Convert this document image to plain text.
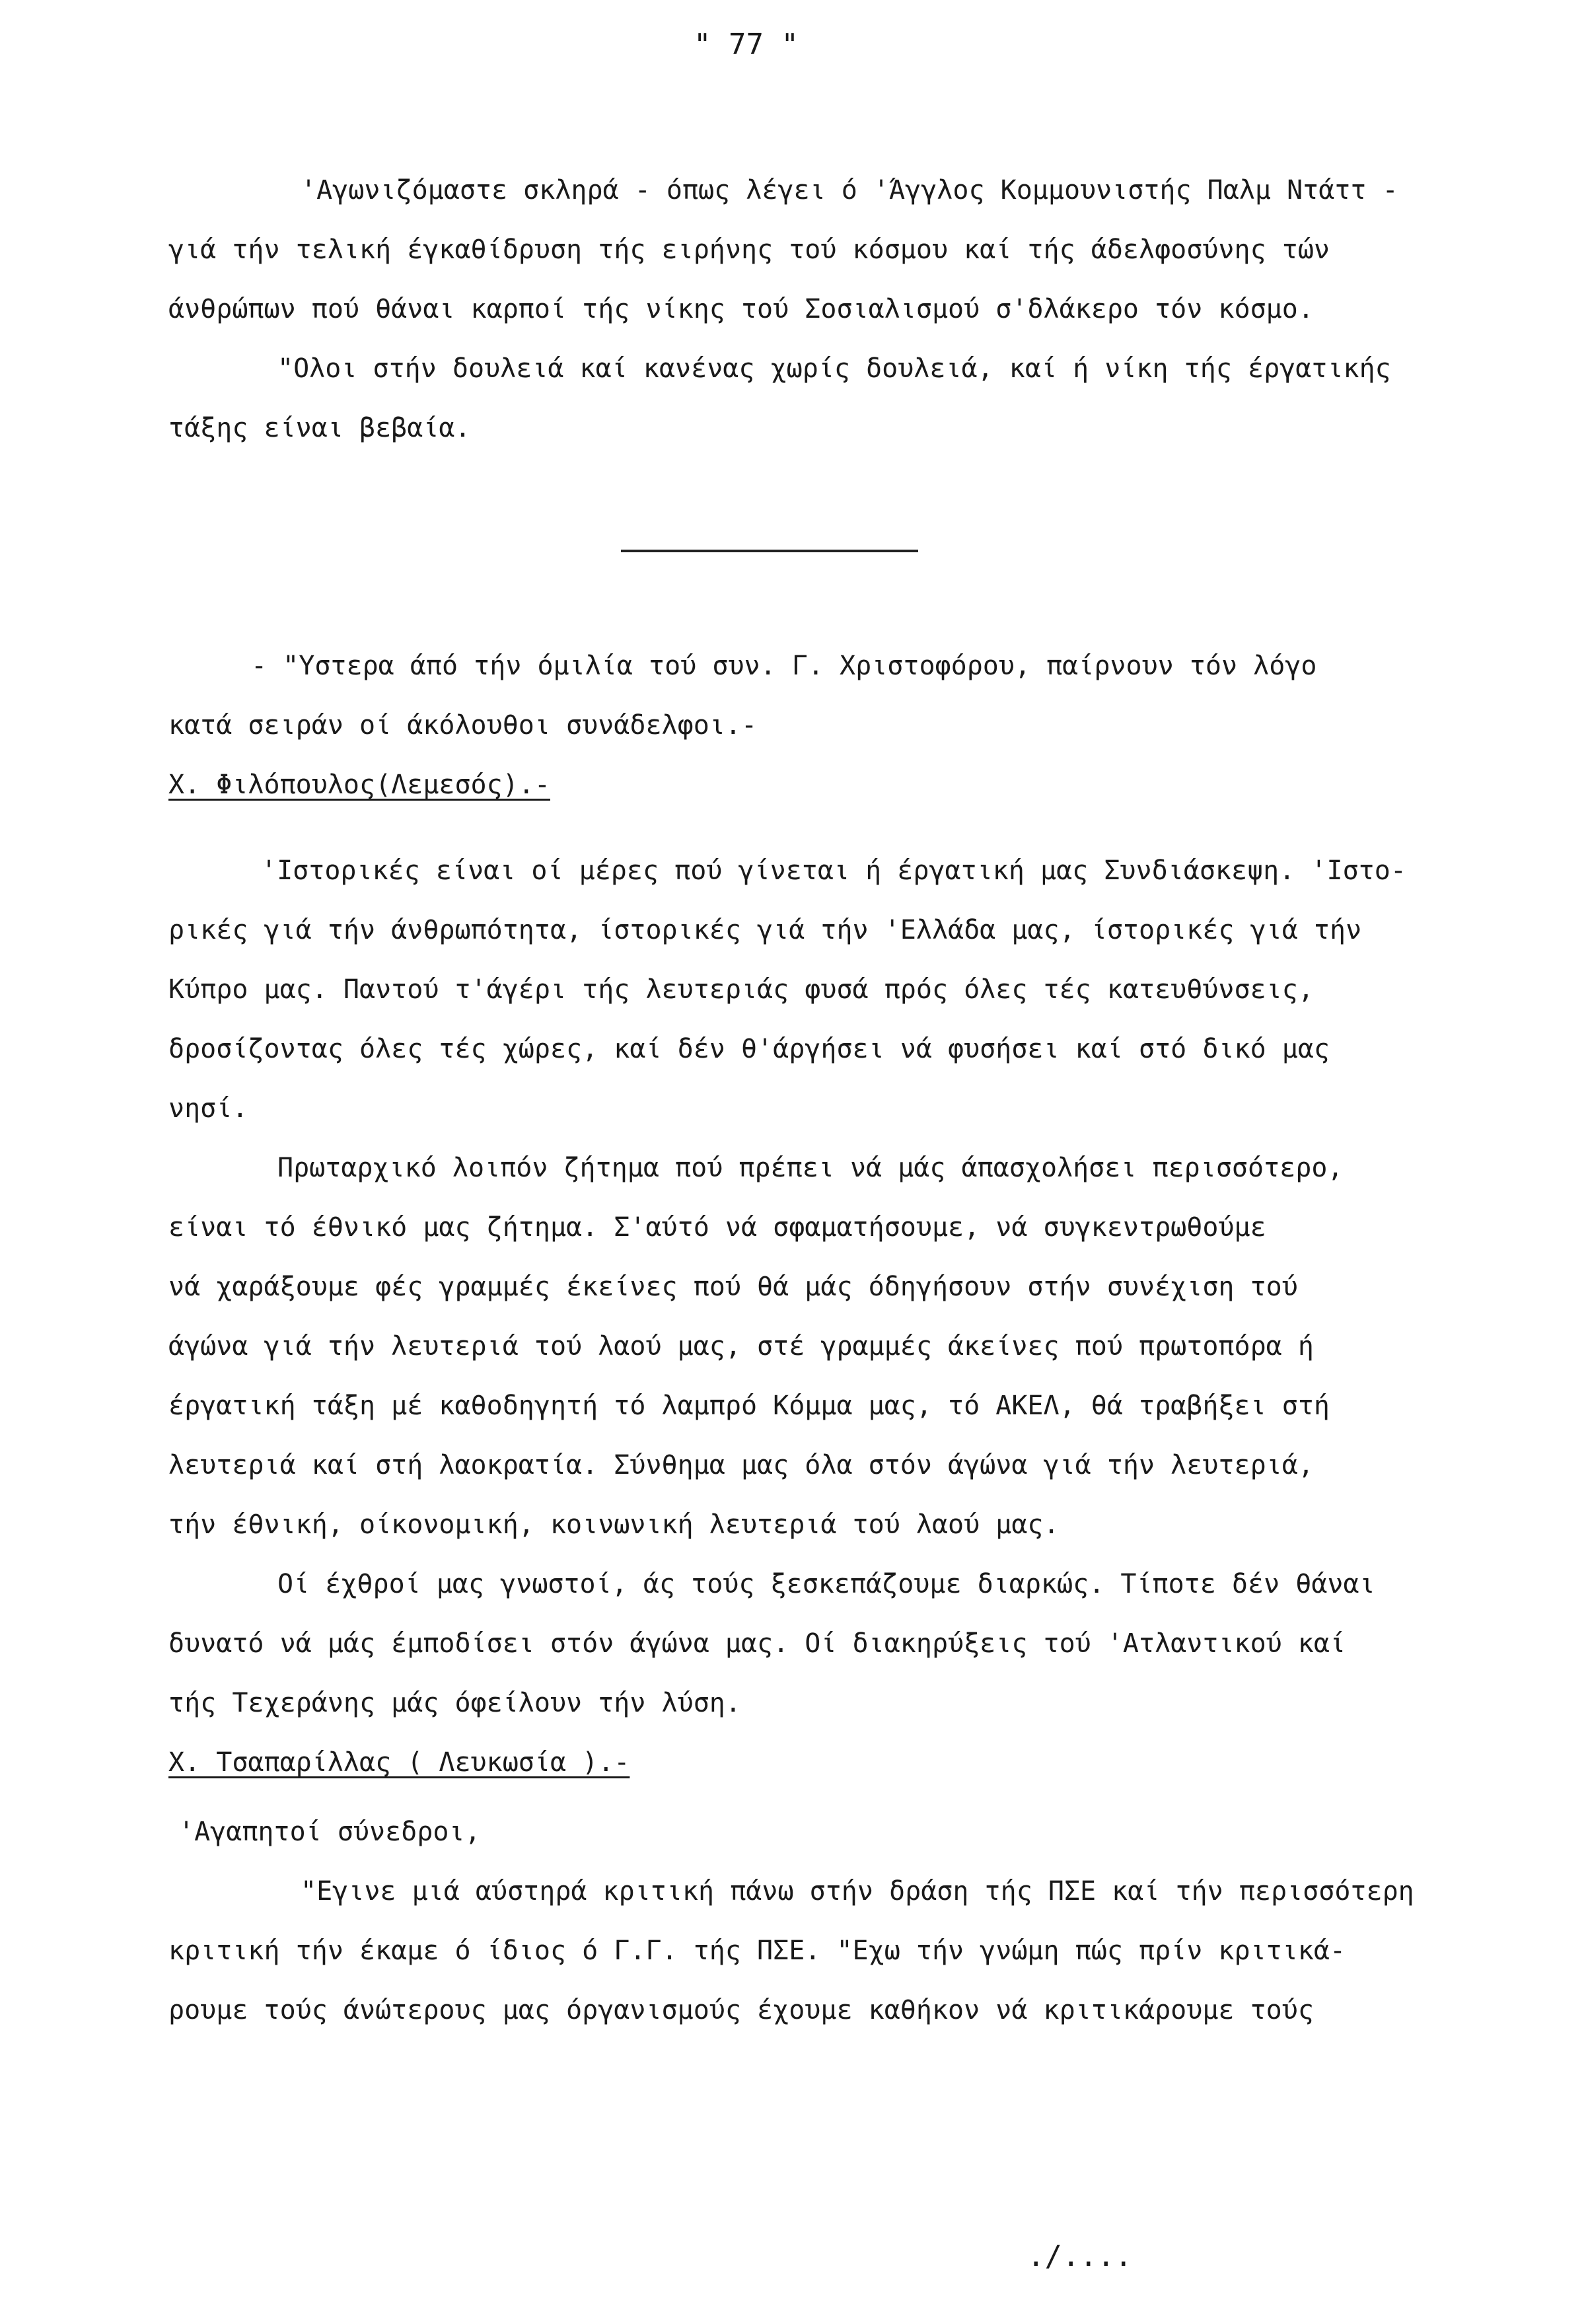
" 77 "
'Αγωνιζόμαστε σκληρά - όπως λέγει ό 'Άγγλος Κομμουνιστής Παλμ Ντάττ -
γιά τήν τελική έγκαθίδρυση τής ειρήνης τού κόσμου καί τής άδελφοσύνης τών
άνθρώπων πού θάναι καρποί τής νίκης τού Σοσιαλισμού σ'δλάκερο τόν κόσμο.
"Ολοι στήν δουλειά καί κανένας χωρίς δουλειά, καί ή νίκη τής έργατικής
τάξης είναι βεβαία.
- "Υστερα άπό τήν όμιλία τού συν. Γ. Χριστοφόρου, παίρνουν τόν λόγο
κατά σειράν οί άκόλουθοι συνάδελφοι.-
Χ. Φιλόπουλος(Λεμεσός).-
'Ιστορικές είναι οί μέρες πού γίνεται ή έργατική μας Συνδιάσκεψη. 'Ιστο-
ρικές γιά τήν άνθρωπότητα, ίστορικές γιά τήν 'Ελλάδα μας, ίστορικές γιά τήν
Κύπρο μας. Παντού τ'άγέρι τής λευτεριάς φυσά πρός όλες τές κατευθύνσεις,
δροσίζοντας όλες τές χώρες, καί δέν θ'άργήσει νά φυσήσει καί στό δικό μας
νησί.
Πρωταρχικό λοιπόν ζήτημα πού πρέπει νά μάς άπασχολήσει περισσότερο,
είναι τό έθνικό μας ζήτημα. Σ'αύτό νά σφαματήσουμε, νά συγκεντρωθούμε
νά χαράξουμε φές γραμμές έκείνες πού θά μάς όδηγήσουν στήν συνέχιση τού
άγώνα γιά τήν λευτεριά τού λαού μας, στέ γραμμές άκείνες πού πρωτοπόρα ή
έργατική τάξη μέ καθοδηγητή τό λαμπρό Κόμμα μας, τό ΑΚΕΛ, θά τραβήξει στή
λευτεριά καί στή λαοκρατία. Σύνθημα μας όλα στόν άγώνα γιά τήν λευτεριά,
τήν έθνική, οίκονομική, κοινωνική λευτεριά τού λαού μας.
Οί έχθροί μας γνωστοί, άς τούς ξεσκεπάζουμε διαρκώς. Τίποτε δέν θάναι
δυνατό νά μάς έμποδίσει στόν άγώνα μας. Οί διακηρύξεις τού 'Ατλαντικού καί
τής Τεχεράνης μάς όφείλουν τήν λύση.
Χ. Τσαπαρίλλας ( Λευκωσία ).-
'Αγαπητοί σύνεδροι,
"Εγινε μιά αύστηρά κριτική πάνω στήν δράση τής ΠΣΕ καί τήν περισσότερη
κριτική τήν έκαμε ό ίδιος ό Γ.Γ. τής ΠΣΕ. "Εχω τήν γνώμη πώς πρίν κριτικά-
ρουμε τούς άνώτερους μας όργανισμούς έχουμε καθήκον νά κριτικάρουμε τούς
./....
